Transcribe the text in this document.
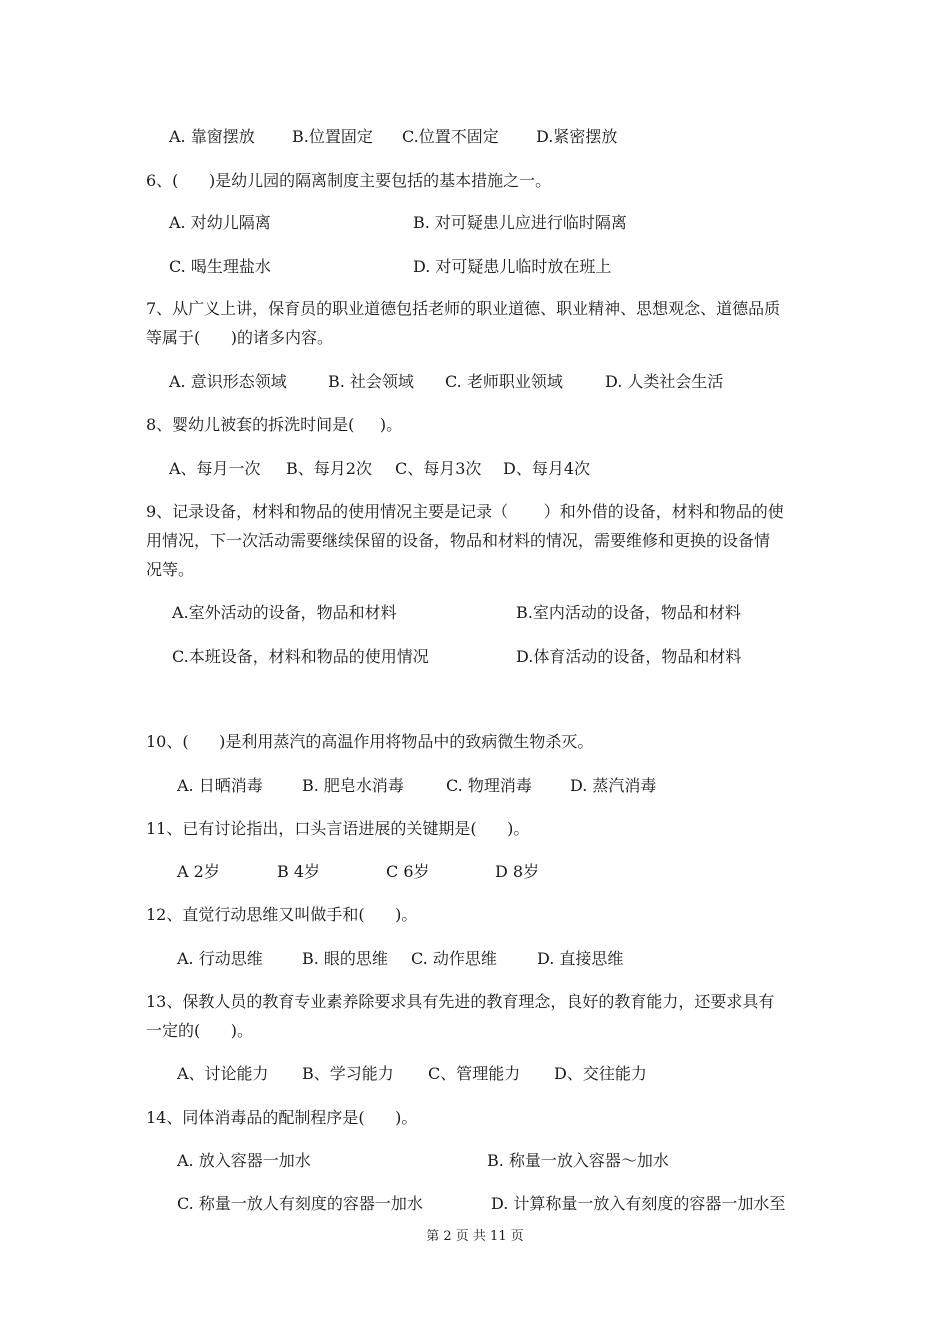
A. 靠窗摆放 B.位置固定 C.位置不固定 D.紧密摆放
6、(      )是幼儿园的隔离制度主要包括的基本措施之一。
A. 对幼儿隔离	B. 对可疑患儿应进行临时隔离
C. 喝生理盐水	D. 对可疑患儿临时放在班上
7、从广义上讲，保育员的职业道德包括老师的职业道德、职业精神、思想观念、道德品质
等属于(      )的诸多内容。
A. 意识形态领域	B. 社会领域 C. 老师职业领域	D. 人类社会生活
8、婴幼儿被套的拆洗时间是(     )。
A、每月一次 B、每月2次 C、每月3次 D、每月4次
9、记录设备，材料和物品的使用情况主要是记录（       ）和外借的设备，材料和物品的使
用情况，下一次活动需要继续保留的设备，物品和材料的情况，需要维修和更换的设备情
况等。
A.室外活动的设备，物品和材料	B.室内活动的设备，物品和材料
C.本班设备，材料和物品的使用情况	D.体育活动的设备，物品和材料
10、(      )是利用蒸汽的高温作用将物品中的致病微生物杀灭。
A. 日晒消毒 B. 肥皂水消毒	C. 物理消毒 D. 蒸汽消毒
11、已有讨论指出，口头言语进展的关键期是(      )。
A 2岁	B 4岁	C 6岁	D 8岁
12、直觉行动思维又叫做手和(      )。
A. 行动思维 B. 眼的思维 C. 动作思维	D. 直接思维
13、保教人员的教育专业素养除要求具有先进的教育理念，良好的教育能力，还要求具有
一定的(      )。
A、讨论能力 B、学习能力 C、管理能力 D、交往能力
14、同体消毒品的配制程序是(      )。
A. 放入容器一加水	B. 称量一放入容器～加水
C. 称量一放人有刻度的容器一加水	D. 计算称量一放入有刻度的容器一加水至
第 2 页 共 11 页
